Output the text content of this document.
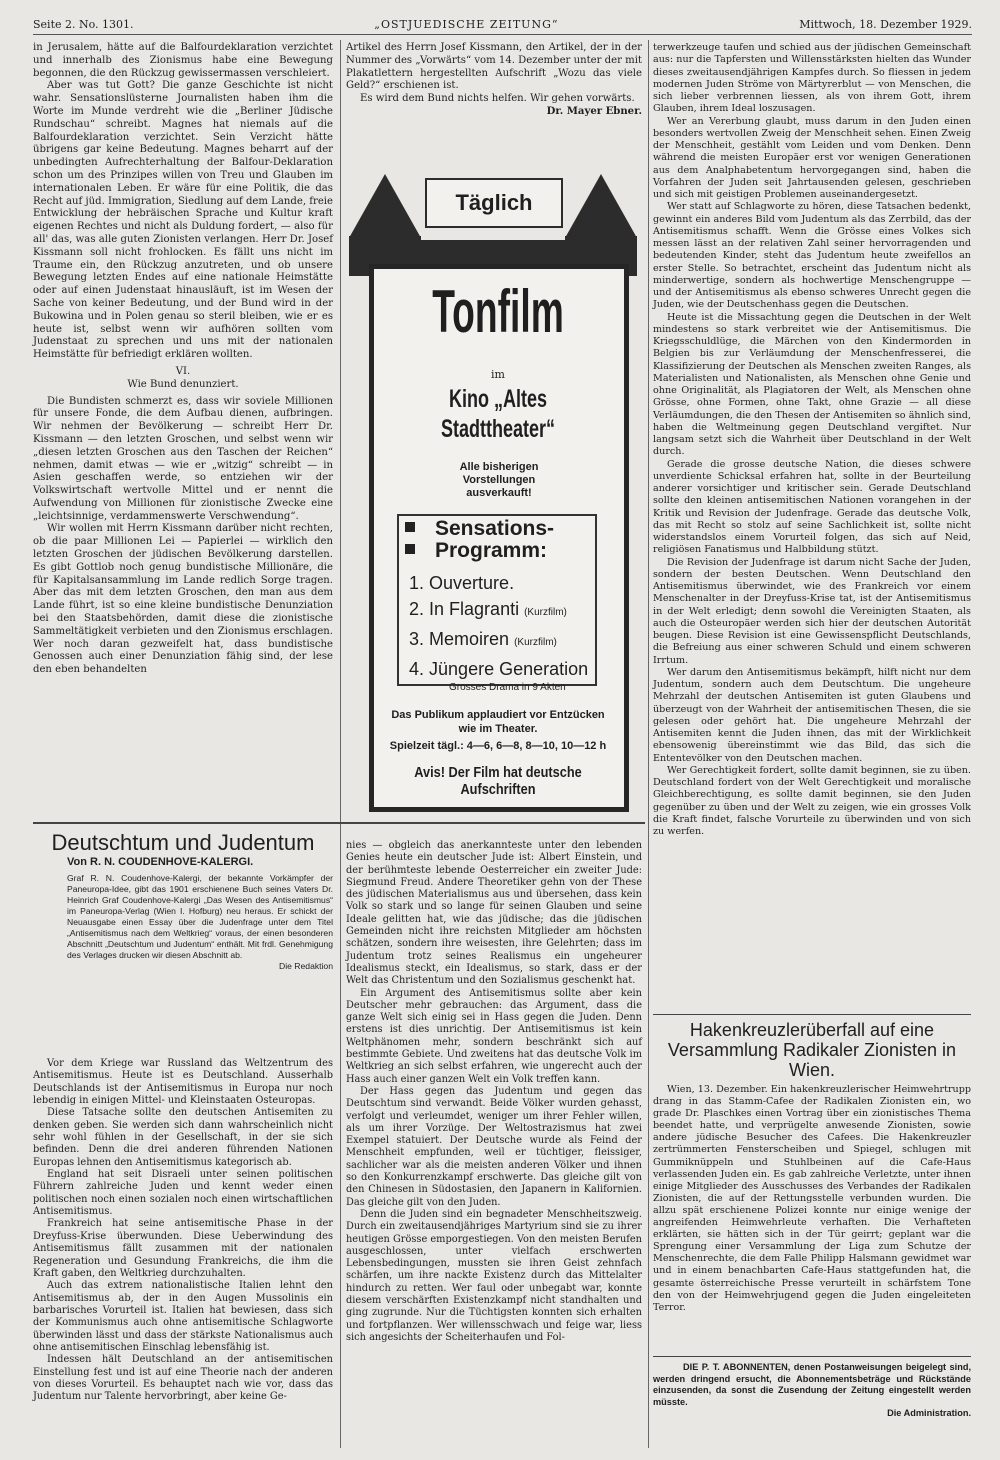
Seite 2. No. 1301.	„OSTJUEDISCHE ZEITUNG“	Mittwoch, 18. Dezember 1929.

in Jerusalem, hätte auf die Balfourdeklaration verzichtet und innerhalb des Zionismus habe eine Bewegung begonnen, die den Rückzug gewissermassen verschleiert.

Aber was tut Gott? Die ganze Geschichte ist nicht wahr. Sensationslüsterne Journalisten haben ihm die Worte im Munde verdreht wie die „Berliner Jüdische Rundschau“ schreibt. Magnes hat niemals auf die Balfourdeklaration verzichtet. Sein Verzicht hätte übrigens gar keine Bedeutung. Magnes beharrt auf der unbedingten Aufrechterhaltung der Balfour-Deklaration schon um des Prinzipes willen von Treu und Glauben im internationalen Leben. Er wäre für eine Politik, die das Recht auf jüd. Immigration, Siedlung auf dem Lande, freie Entwicklung der hebräischen Sprache und Kultur kraft eigenen Rechtes und nicht als Duldung fordert, — also für all' das, was alle guten Zionisten verlangen. Herr Dr. Josef Kissmann soll nicht frohlocken. Es fällt uns nicht im Traume ein, den Rückzug anzutreten, und ob unsere Bewegung letzten Endes auf eine nationale Heimstätte oder auf einen Judenstaat hinausläuft, ist im Wesen der Sache von keiner Bedeutung, und der Bund wird in der Bukowina und in Polen genau so steril bleiben, wie er es heute ist, selbst wenn wir aufhören sollten vom Judenstaat zu sprechen und uns mit der nationalen Heimstätte für befriedigt erklären wollten.

VI.

Wie Bund denunziert.

Die Bundisten schmerzt es, dass wir soviele Millionen für unsere Fonde, die dem Aufbau dienen, aufbringen. Wir nehmen der Bevölkerung — schreibt Herr Dr. Kissmann — den letzten Groschen, und selbst wenn wir „diesen letzten Groschen aus den Taschen der Reichen“ nehmen, damit etwas — wie er „witzig“ schreibt — in Asien geschaffen werde, so entziehen wir der Volkswirtschaft wertvolle Mittel und er nennt die Aufwendung von Millionen für zionistische Zwecke eine „leichtsinnige, verdammenswerte Verschwendung“.

Wir wollen mit Herrn Kissmann darüber nicht rechten, ob die paar Millionen Lei — Papierlei — wirklich den letzten Groschen der jüdischen Bevölkerung darstellen. Es gibt Gottlob noch genug bundistische Millionäre, die für Kapitalsansammlung im Lande redlich Sorge tragen. Aber das mit dem letzten Groschen, den man aus dem Lande führt, ist so eine kleine bundistische Denunziation bei den Staatsbehörden, damit diese die zionistische Sammeltätigkeit verbieten und den Zionismus erschlagen. Wer noch daran gezweifelt hat, dass bundistische Genossen auch einer Denunziation fähig sind, der lese den eben behandelten

Artikel des Herrn Josef Kissmann, den Artikel, der in der Nummer des „Vorwärts“ vom 14. Dezember unter der mit Plakatlettern hergestellten Aufschrift „Wozu das viele Geld?“ erschienen ist.

Es wird dem Bund nichts helfen. Wir gehen vorwärts.

Dr. Mayer Ebner.

Täglich
Tonfilm
im
Kino „Altes Stadttheater“
Alle bisherigen Vorstellungen ausverkauft!
Sensations-Programm:
1. Ouverture.
2. In Flagranti (Kurzfilm)
3. Memoiren (Kurzfilm)
4. Jüngere Generation
Grosses Drama in 9 Akten
Das Publikum applaudiert vor Entzücken wie im Theater.
Spielzeit tägl.: 4—6, 6—8, 8—10, 10—12 h
Avis! Der Film hat deutsche Aufschriften

terwerkzeuge taufen und schied aus der jüdischen Gemeinschaft aus: nur die Tapfersten und Willensstärksten hielten das Wunder dieses zweitausendjährigen Kampfes durch. So fliessen in jedem modernen Juden Ströme von Märtyrerblut — von Menschen, die sich lieber verbrennen liessen, als von ihrem Gott, ihrem Glauben, ihrem Ideal loszusagen.

Wer an Vererbung glaubt, muss darum in den Juden einen besonders wertvollen Zweig der Menschheit sehen. Einen Zweig der Menschheit, gestählt vom Leiden und vom Denken. Denn während die meisten Europäer erst vor wenigen Generationen aus dem Analphabetentum hervorgegangen sind, haben die Vorfahren der Juden seit Jahrtausenden gelesen, geschrieben und sich mit geistigen Problemen auseinandergesetzt.

Wer statt auf Schlagworte zu hören, diese Tatsachen bedenkt, gewinnt ein anderes Bild vom Judentum als das Zerrbild, das der Antisemitismus schafft. Wenn die Grösse eines Volkes sich messen lässt an der relativen Zahl seiner hervorragenden und bedeutenden Kinder, steht das Judentum heute zweifellos an erster Stelle. So betrachtet, erscheint das Judentum nicht als minderwertige, sondern als hochwertige Menschengruppe — und der Antisemitismus als ebenso schweres Unrecht gegen die Juden, wie der Deutschenhass gegen die Deutschen.

Heute ist die Missachtung gegen die Deutschen in der Welt mindestens so stark verbreitet wie der Antisemitismus. Die Kriegsschuldlüge, die Märchen von den Kindermorden in Belgien bis zur Verläumdung der Menschenfresserei, die Klassifizierung der Deutschen als Menschen zweiten Ranges, als Materialisten und Nationalisten, als Menschen ohne Genie und ohne Originalität, als Plagiatoren der Welt, als Menschen ohne Grösse, ohne Formen, ohne Takt, ohne Grazie — all diese Verläumdungen, die den Thesen der Antisemiten so ähnlich sind, haben die Weltmeinung gegen Deutschland vergiftet. Nur langsam setzt sich die Wahrheit über Deutschland in der Welt durch.

Gerade die grosse deutsche Nation, die dieses schwere unverdiente Schicksal erfahren hat, sollte in der Beurteilung anderer vorsichtiger und kritischer sein. Gerade Deutschland sollte den kleinen antisemitischen Nationen vorangehen in der Kritik und Revision der Judenfrage. Gerade das deutsche Volk, das mit Recht so stolz auf seine Sachlichkeit ist, sollte nicht widerstandslos einem Vorurteil folgen, das sich auf Neid, religiösen Fanatismus und Halbbildung stützt.

Die Revision der Judenfrage ist darum nicht Sache der Juden, sondern der besten Deutschen. Wenn Deutschland den Antisemitismus überwindet, wie des Frankreich vor einem Menschenalter in der Dreyfuss-Krise tat, ist der Antisemitismus in der Welt erledigt; denn sowohl die Vereinigten Staaten, als auch die Osteuropäer werden sich hier der deutschen Autorität beugen. Diese Revision ist eine Gewissenspflicht Deutschlands, die Befreiung aus einer schweren Schuld und einem schweren Irrtum.

Wer darum den Antisemitismus bekämpft, hilft nicht nur dem Judentum, sondern auch dem Deutschtum. Die ungeheure Mehrzahl der deutschen Antisemiten ist guten Glaubens und überzeugt von der Wahrheit der antisemitischen Thesen, die sie gelesen oder gehört hat. Die ungeheure Mehrzahl der Antisemiten kennt die Juden ihnen, das mit der Wirklichkeit ebensowenig übereinstimmt wie das Bild, das sich die Ententevölker von den Deutschen machen.

Wer Gerechtigkeit fordert, sollte damit beginnen, sie zu üben. Deutschland fordert von der Welt Gerechtigkeit und moralische Gleichberechtigung, es sollte damit beginnen, sie den Juden gegenüber zu üben und der Welt zu zeigen, wie ein grosses Volk die Kraft findet, falsche Vorurteile zu überwinden und von sich zu werfen.

Deutschtum und Judentum
Von R. N. COUDENHOVE-KALERGI.
Graf R. N. Coudenhove-Kalergi, der bekannte Vorkämpfer der Paneuropa-Idee, gibt das 1901 erschienene Buch seines Vaters Dr. Heinrich Graf Coudenhove-Kalergi „Das Wesen des Antisemitismus“ im Paneuropa-Verlag (Wien I. Hofburg) neu heraus. Er schickt der Neuausgabe einen Essay über die Judenfrage unter dem Titel „Antisemitismus nach dem Weltkrieg“ voraus, der einen besonderen Abschnitt „Deutschtum und Judentum“ enthält. Mit frdl. Genehmigung des Verlages drucken wir diesen Abschnitt ab.
Die Redaktion

Vor dem Kriege war Russland das Weltzentrum des Antisemitismus. Heute ist es Deutschland. Ausserhalb Deutschlands ist der Antisemitismus in Europa nur noch lebendig in einigen Mittel- und Kleinstaaten Osteuropas.

Diese Tatsache sollte den deutschen Antisemiten zu denken geben. Sie werden sich dann wahrscheinlich nicht sehr wohl fühlen in der Gesellschaft, in der sie sich befinden. Denn die drei anderen führenden Nationen Europas lehnen den Antisemitismus kategorisch ab.

England hat seit Disraeli unter seinen politischen Führern zahlreiche Juden und kennt weder einen politischen noch einen sozialen noch einen wirtschaftlichen Antisemitismus.

Frankreich hat seine antisemitische Phase in der Dreyfuss-Krise überwunden. Diese Ueberwindung des Antisemitismus fällt zusammen mit der nationalen Regeneration und Gesundung Frankreichs, die ihm die Kraft gaben, den Weltkrieg durchzuhalten.

Auch das extrem nationalistische Italien lehnt den Antisemitismus ab, der in den Augen Mussolinis ein barbarisches Vorurteil ist. Italien hat bewiesen, dass sich der Kommunismus auch ohne antisemitische Schlagworte überwinden lässt und dass der stärkste Nationalismus auch ohne antisemitischen Einschlag lebensfähig ist.

Indessen hält Deutschland an der antisemitischen Einstellung fest und ist auf eine Theorie nach der anderen von dieses Vorurteil. Es behauptet nach wie vor, dass das Judentum nur Talente hervorbringt, aber keine Ge-

nies — obgleich das anerkannteste unter den lebenden Genies heute ein deutscher Jude ist: Albert Einstein, und der berühmteste lebende Oesterreicher ein zweiter Jude: Siegmund Freud. Andere Theoretiker gehn von der These des jüdischen Materialismus aus und übersehen, dass kein Volk so stark und so lange für seinen Glauben und seine Ideale gelitten hat, wie das jüdische; das die jüdischen Gemeinden nicht ihre reichsten Mitglieder am höchsten schätzen, sondern ihre weisesten, ihre Gelehrten; dass im Judentum trotz seines Realismus ein ungeheurer Idealismus steckt, ein Idealismus, so stark, dass er der Welt das Christentum und den Sozialismus geschenkt hat.

Ein Argument des Antisemitismus sollte aber kein Deutscher mehr gebrauchen: das Argument, dass die ganze Welt sich einig sei in Hass gegen die Juden. Denn erstens ist dies unrichtig. Der Antisemitismus ist kein Weltphänomen mehr, sondern beschränkt sich auf bestimmte Gebiete. Und zweitens hat das deutsche Volk im Weltkrieg an sich selbst erfahren, wie ungerecht auch der Hass auch einer ganzen Welt ein Volk treffen kann.

Der Hass gegen das Judentum und gegen das Deutschtum sind verwandt. Beide Völker wurden gehasst, verfolgt und verleumdet, weniger um ihrer Fehler willen, als um ihrer Vorzüge. Der Weltostrazismus hat zwei Exempel statuiert. Der Deutsche wurde als Feind der Menschheit empfunden, weil er tüchtiger, fleissiger, sachlicher war als die meisten anderen Völker und ihnen so den Konkurrenzkampf erschwerte. Das gleiche gilt von den Chinesen in Südostasien, den Japanern in Kalifornien. Das gleiche gilt von den Juden.

Denn die Juden sind ein begnadeter Menschheitszweig. Durch ein zweitausendjähriges Martyrium sind sie zu ihrer heutigen Grösse emporgestiegen. Von den meisten Berufen ausgeschlossen, unter vielfach erschwerten Lebensbedingungen, mussten sie ihren Geist zehnfach schärfen, um ihre nackte Existenz durch das Mittelalter hindurch zu retten. Wer faul oder unbegabt war, konnte diesem verschärften Existenzkampf nicht standhalten und ging zugrunde. Nur die Tüchtigsten konnten sich erhalten und fortpflanzen. Wer willensschwach und feige war, liess sich angesichts der Scheiterhaufen und Fol-

Hakenkreuzlerüberfall auf eine Versammlung Radikaler Zionisten in Wien.

Wien, 13. Dezember. Ein hakenkreuzlerischer Heimwehrtrupp drang in das Stamm-Cafee der Radikalen Zionisten ein, wo grade Dr. Plaschkes einen Vortrag über ein zionistisches Thema beendet hatte, und verprügelte anwesende Zionisten, sowie andere jüdische Besucher des Cafees. Die Hakenkreuzler zertrümmerten Fensterscheiben und Spiegel, schlugen mit Gummiknüppeln und Stuhlbeinen auf die Cafe-Haus verlassenden Juden ein. Es gab zahlreiche Verletzte, unter ihnen einige Mitglieder des Ausschusses des Verbandes der Radikalen Zionisten, die auf der Rettungsstelle verbunden wurden. Die allzu spät erschienene Polizei konnte nur einige wenige der angreifenden Heimwehrleute verhaften. Die Verhafteten erklärten, sie hätten sich in der Tür geirrt; geplant war die Sprengung einer Versammlung der Liga zum Schutze der Menschenrechte, die dem Falle Philipp Halsmann gewidmet war und in einem benachbarten Cafe-Haus stattgefunden hat, die gesamte österreichische Presse verurteilt in schärfstem Tone den von der Heimwehrjugend gegen die Juden eingeleiteten Terror.

DIE P. T. ABONNENTEN, denen Postanweisungen beigelegt sind, werden dringend ersucht, die Abonnementsbeträge und Rückstände einzusenden, da sonst die Zusendung der Zeitung eingestellt werden müsste.

Die Administration.
